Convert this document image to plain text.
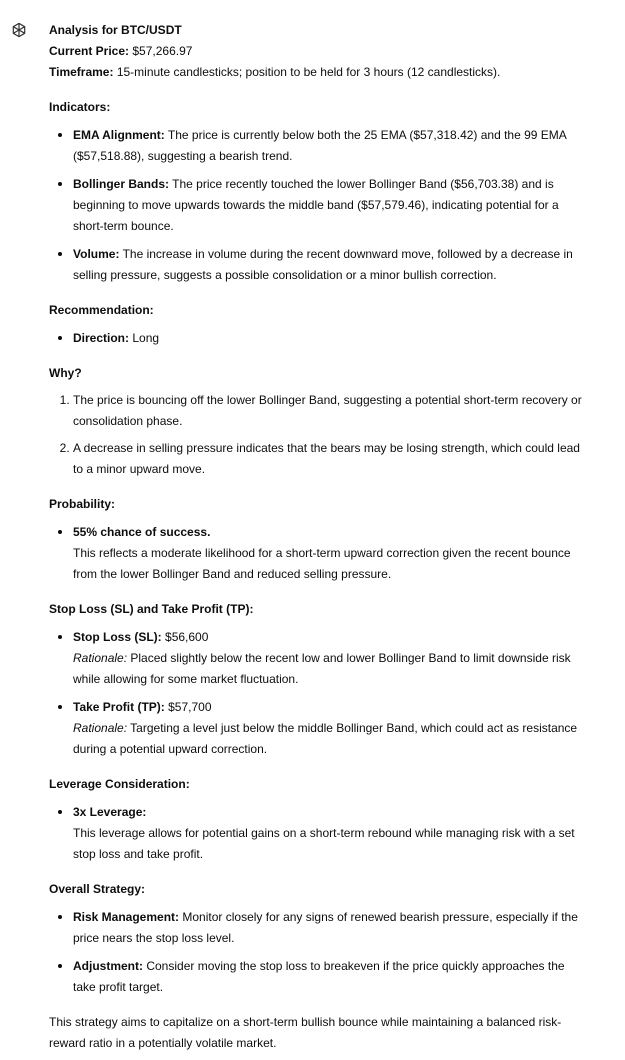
Analysis for BTC/USDT
Current Price: $57,266.97
Timeframe: 15-minute candlesticks; position to be held for 3 hours (12 candlesticks).
Indicators:
• EMA Alignment: The price is currently below both the 25 EMA ($57,318.42) and the 99 EMA ($57,518.88), suggesting a bearish trend.
• Bollinger Bands: The price recently touched the lower Bollinger Band ($56,703.38) and is beginning to move upwards towards the middle band ($57,579.46), indicating potential for a short-term bounce.
• Volume: The increase in volume during the recent downward move, followed by a decrease in selling pressure, suggests a possible consolidation or a minor bullish correction.
Recommendation:
• Direction: Long
Why?
1. The price is bouncing off the lower Bollinger Band, suggesting a potential short-term recovery or consolidation phase.
2. A decrease in selling pressure indicates that the bears may be losing strength, which could lead to a minor upward move.
Probability:
• 55% chance of success.
This reflects a moderate likelihood for a short-term upward correction given the recent bounce from the lower Bollinger Band and reduced selling pressure.
Stop Loss (SL) and Take Profit (TP):
• Stop Loss (SL): $56,600
Rationale: Placed slightly below the recent low and lower Bollinger Band to limit downside risk while allowing for some market fluctuation.
• Take Profit (TP): $57,700
Rationale: Targeting a level just below the middle Bollinger Band, which could act as resistance during a potential upward correction.
Leverage Consideration:
• 3x Leverage:
This leverage allows for potential gains on a short-term rebound while managing risk with a set stop loss and take profit.
Overall Strategy:
• Risk Management: Monitor closely for any signs of renewed bearish pressure, especially if the price nears the stop loss level.
• Adjustment: Consider moving the stop loss to breakeven if the price quickly approaches the take profit target.
This strategy aims to capitalize on a short-term bullish bounce while maintaining a balanced risk-reward ratio in a potentially volatile market.
